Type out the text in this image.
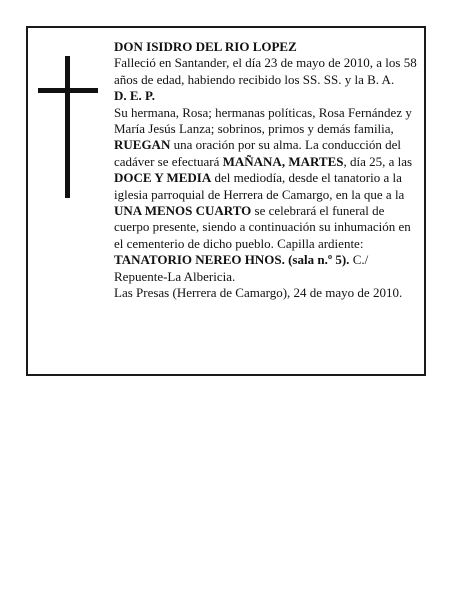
DON ISIDRO DEL RIO LOPEZ

Falleció en Santander, el día 23 de mayo de 2010, a los 58 años de edad, habiendo recibido los SS. SS. y la B. A.

D. E. P.

Su hermana, Rosa; hermanas políticas, Rosa Fernández y María Jesús Lanza; sobrinos, primos y demás familia, RUEGAN una oración por su alma. La conducción del cadáver se efectuará MAÑANA, MARTES, día 25, a las DOCE Y MEDIA del mediodía, desde el tanatorio a la iglesia parroquial de Herrera de Camargo, en la que a la UNA MENOS CUARTO se celebrará el funeral de cuerpo presente, siendo a continuación su inhumación en el cementerio de dicho pueblo. Capilla ardiente: TANATORIO NEREO HNOS. (sala n.º 5). C./ Repuente-La Albericia.

Las Presas (Herrera de Camargo), 24 de mayo de 2010.
